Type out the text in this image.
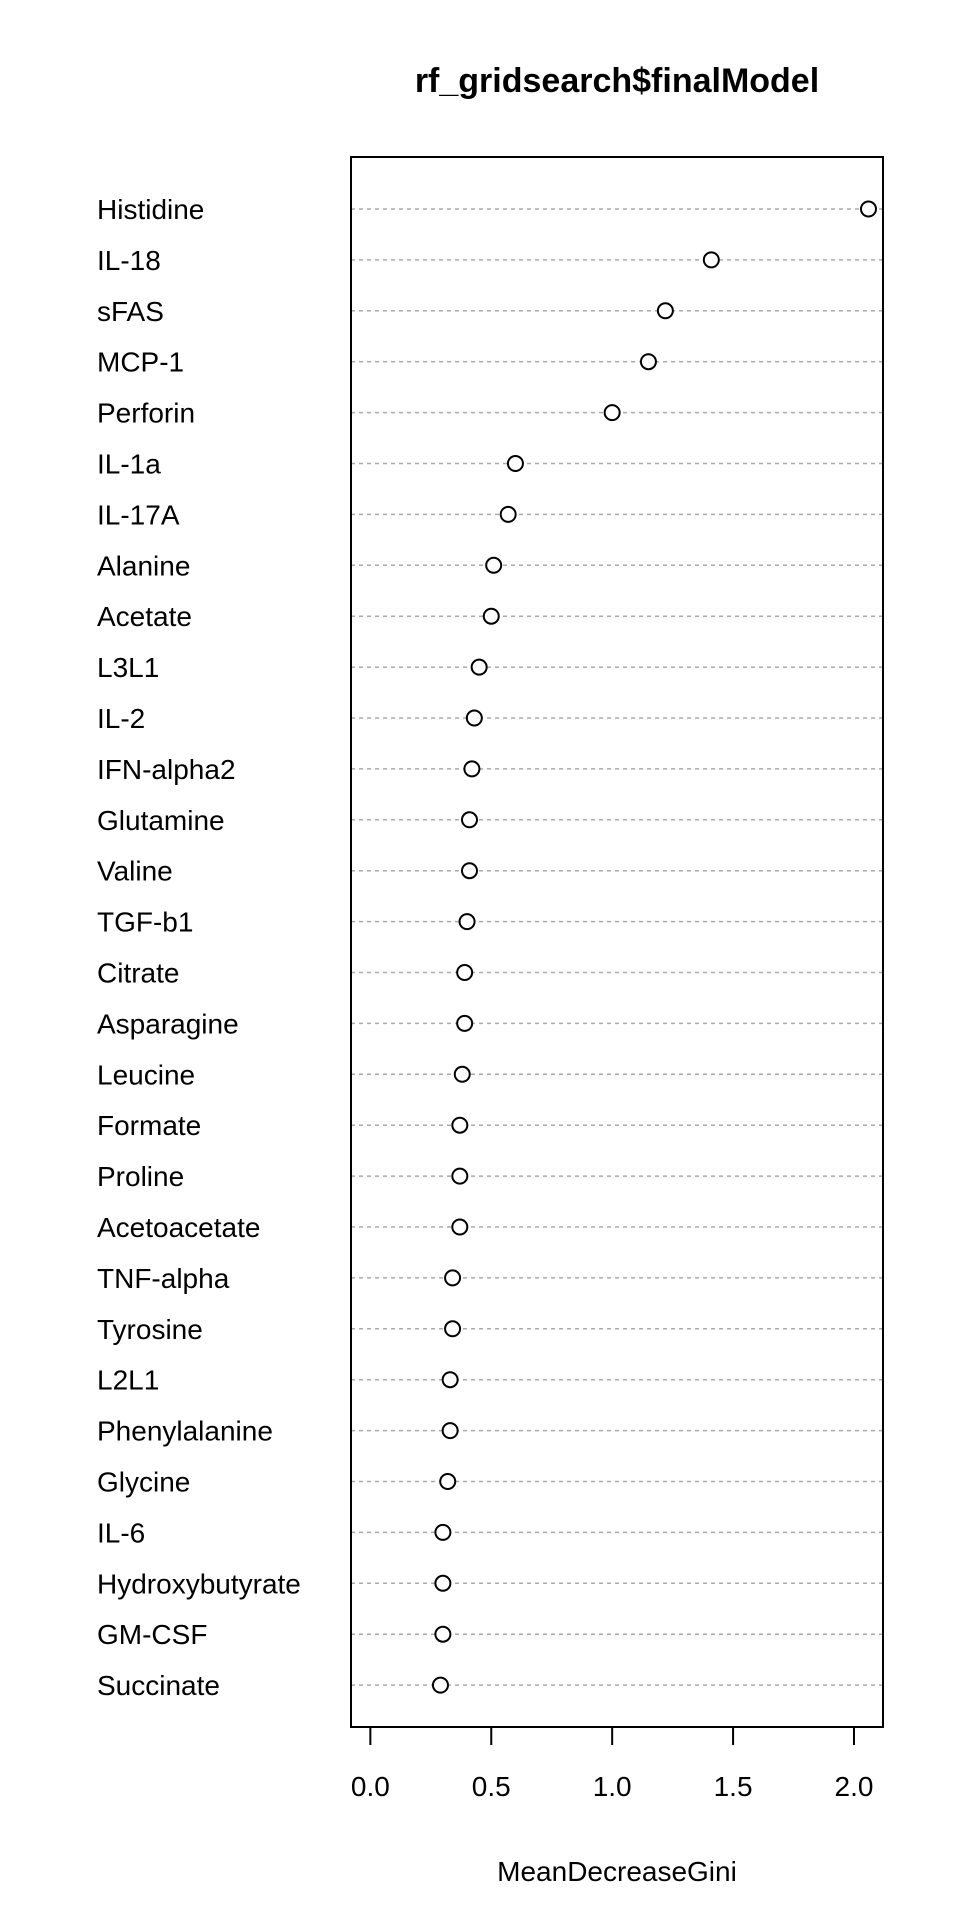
rf_gridsearch$finalModel
Histidine
IL-18
sFAS
MCP-1
Perforin
IL-1a
IL-17A
Alanine
Acetate
L3L1
IL-2
IFN-alpha2
Glutamine
Valine
TGF-b1
Citrate
Asparagine
Leucine
Formate
Proline
Acetoacetate
TNF-alpha
Tyrosine
L2L1
Phenylalanine
Glycine
IL-6
Hydroxybutyrate
GM-CSF
Succinate
0.0	0.5	1.0	1.5	2.0
MeanDecreaseGini
